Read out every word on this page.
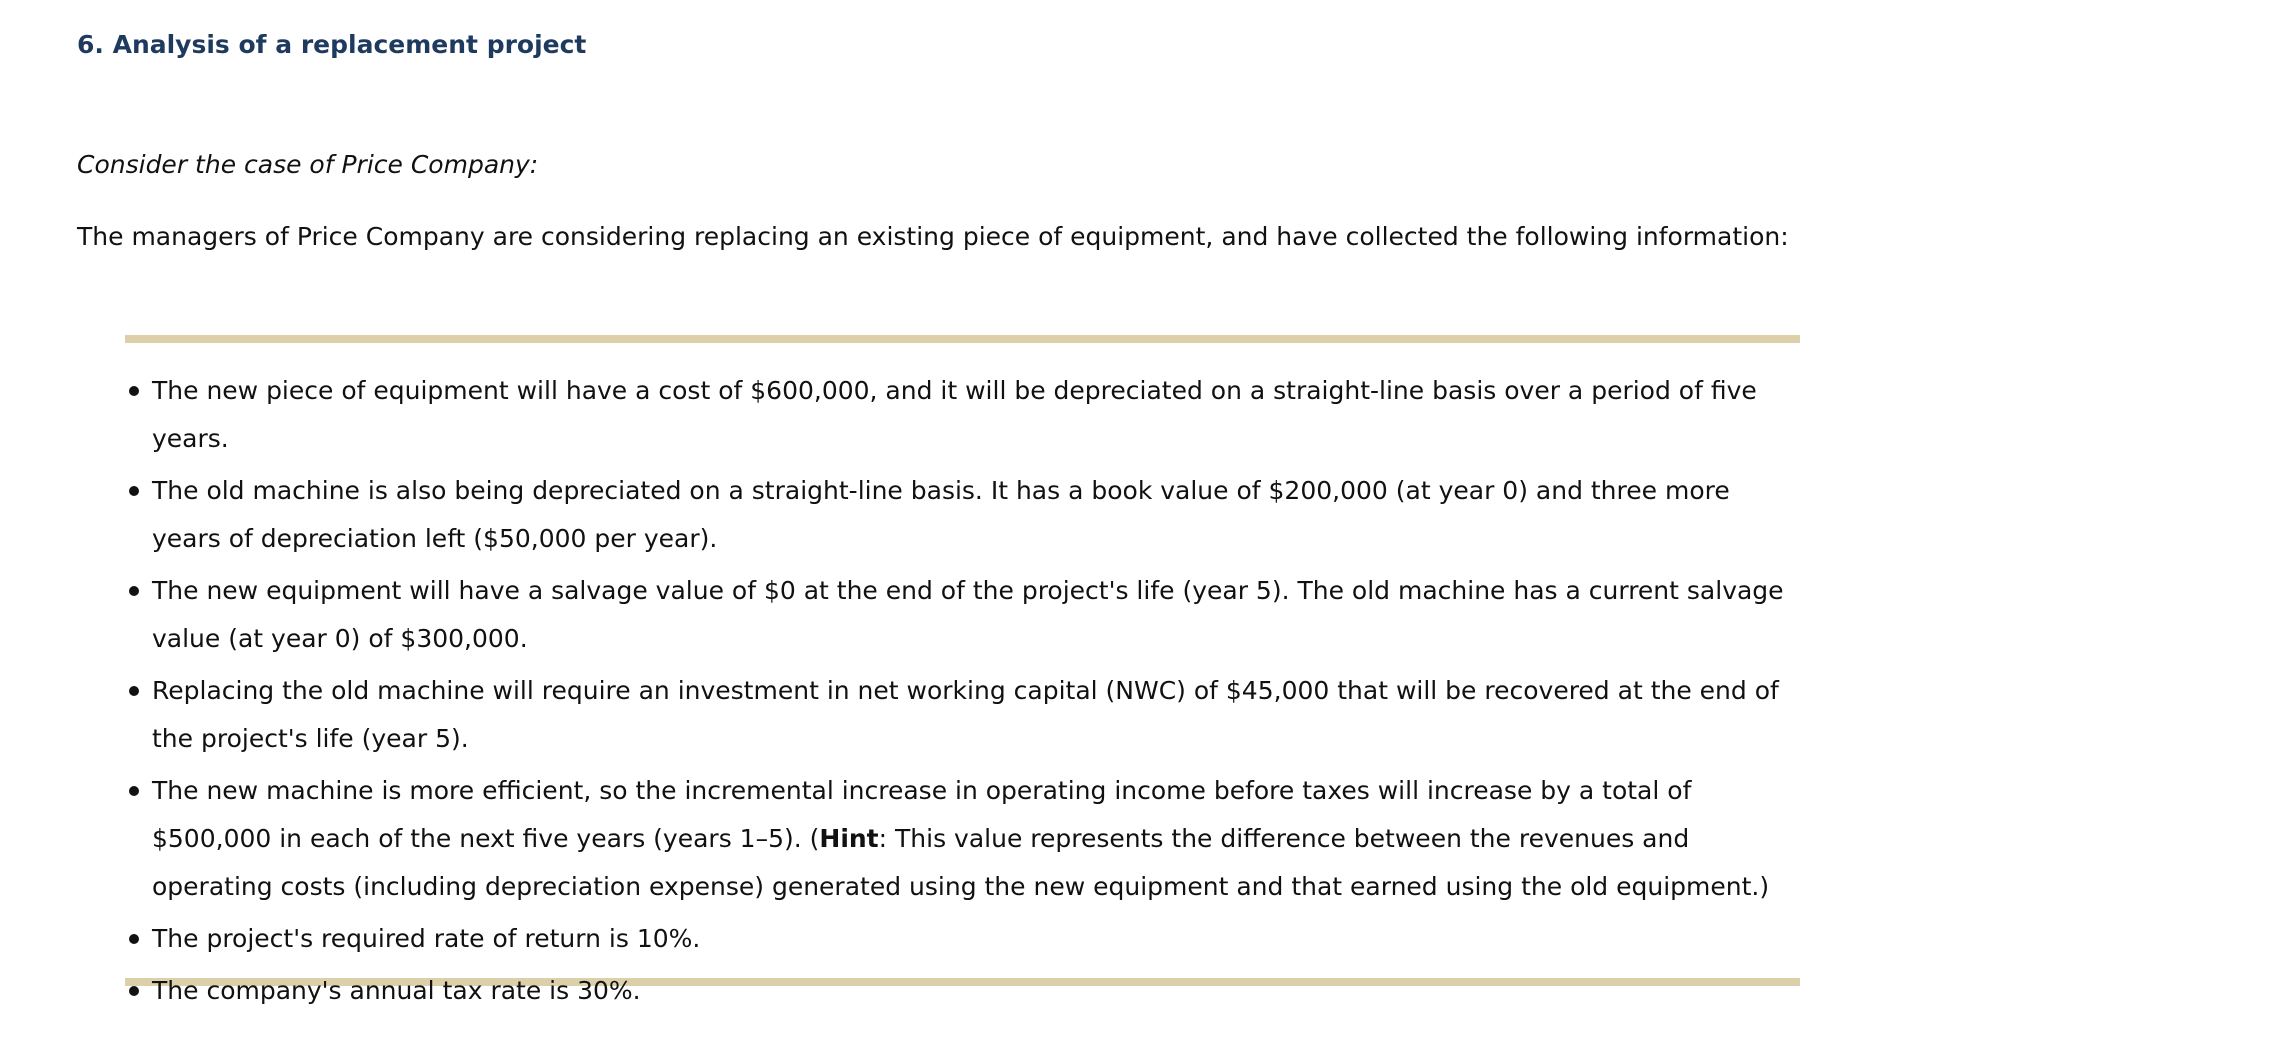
6. Analysis of a replacement project

Consider the case of Price Company:

The managers of Price Company are considering replacing an existing piece of equipment, and have collected the following information:

The new piece of equipment will have a cost of $600,000, and it will be depreciated on a straight-line basis over a period of five years.
The old machine is also being depreciated on a straight-line basis. It has a book value of $200,000 (at year 0) and three more years of depreciation left ($50,000 per year).
The new equipment will have a salvage value of $0 at the end of the project's life (year 5). The old machine has a current salvage value (at year 0) of $300,000.
Replacing the old machine will require an investment in net working capital (NWC) of $45,000 that will be recovered at the end of the project's life (year 5).
The new machine is more efficient, so the incremental increase in operating income before taxes will increase by a total of $500,000 in each of the next five years (years 1–5). (Hint: This value represents the difference between the revenues and operating costs (including depreciation expense) generated using the new equipment and that earned using the old equipment.)
The project's required rate of return is 10%.
The company's annual tax rate is 30%.
